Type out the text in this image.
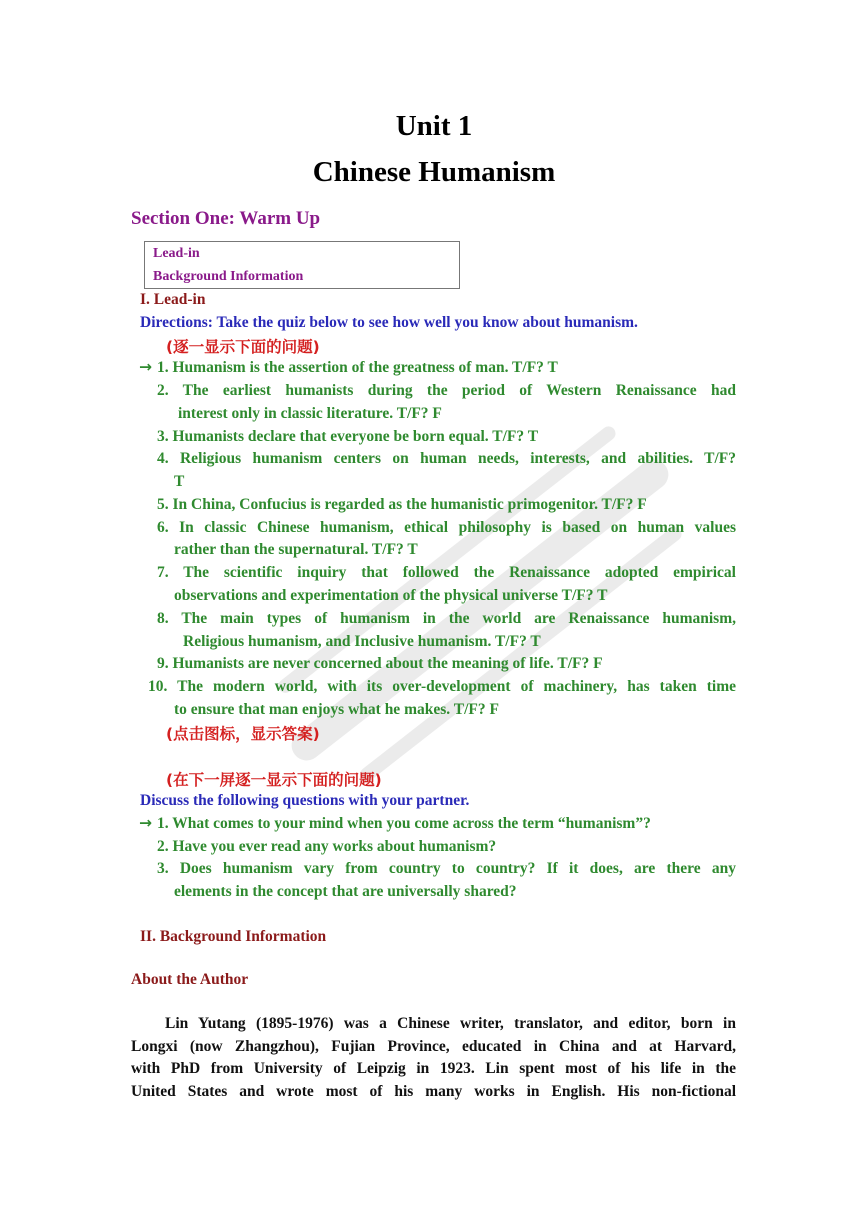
Unit 1
Chinese Humanism
Section One: Warm Up
Lead-in
Background Information
I. Lead-in
Directions: Take the quiz below to see how well you know about humanism.
(逐一显示下面的问题)
→ 1. Humanism is the assertion of the greatness of man. T/F? T
2. The earliest humanists during the period of Western Renaissance had
interest only in classic literature. T/F? F
3. Humanists declare that everyone be born equal. T/F? T
4. Religious humanism centers on human needs, interests, and abilities. T/F?
T
5. In China, Confucius is regarded as the humanistic primogenitor. T/F? F
6. In classic Chinese humanism, ethical philosophy is based on human values
rather than the supernatural. T/F? T
7. The scientific inquiry that followed the Renaissance adopted empirical
observations and experimentation of the physical universe T/F? T
8. The main types of humanism in the world are Renaissance humanism,
Religious humanism, and Inclusive humanism. T/F? T
9. Humanists are never concerned about the meaning of life. T/F? F
10. The modern world, with its over-development of machinery, has taken time
to ensure that man enjoys what he makes. T/F? F
(点击图标，显示答案)
(在下一屏逐一显示下面的问题)
Discuss the following questions with your partner.
→ 1. What comes to your mind when you come across the term “humanism”?
2. Have you ever read any works about humanism?
3. Does humanism vary from country to country? If it does, are there any
elements in the concept that are universally shared?
II. Background Information
About the Author
Lin Yutang (1895-1976) was a Chinese writer, translator, and editor, born in
Longxi (now Zhangzhou), Fujian Province, educated in China and at Harvard,
with PhD from University of Leipzig in 1923. Lin spent most of his life in the
United States and wrote most of his many works in English. His non-fictional
